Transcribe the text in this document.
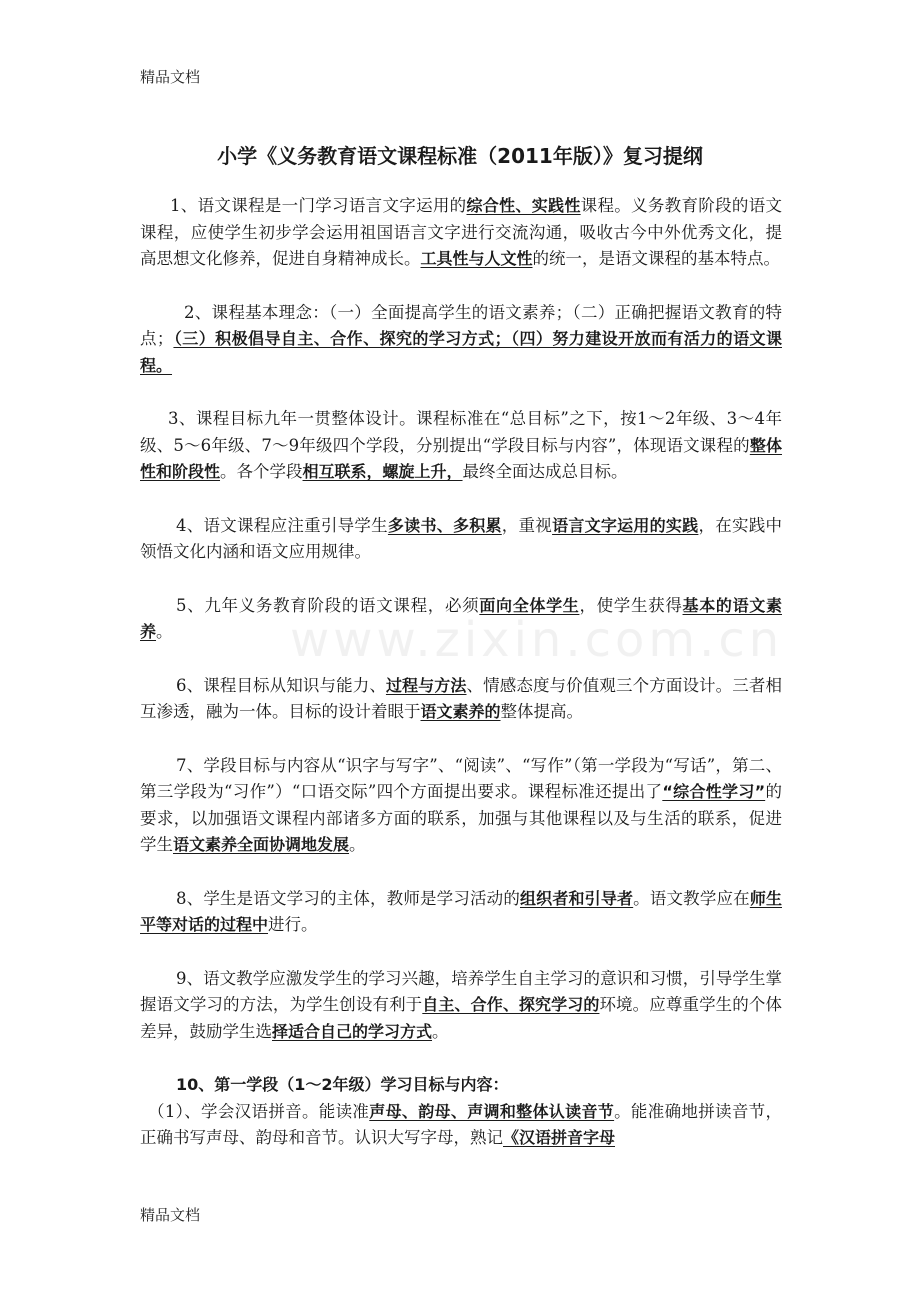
精品文档
www.zixin.com.cn
小学《义务教育语文课程标准（2011年版）》复习提纲

1、语文课程是一门学习语言文字运用的综合性、实践性课程。义务教育阶段的语文课程，应使学生初步学会运用祖国语言文字进行交流沟通，吸收古今中外优秀文化，提高思想文化修养，促进自身精神成长。工具性与人文性的统一，是语文课程的基本特点。

2、课程基本理念：（一）全面提高学生的语文素养；（二）正确把握语文教育的特点；（三）积极倡导自主、合作、探究的学习方式；（四）努力建设开放而有活力的语文课程。

3、课程目标九年一贯整体设计。课程标准在“总目标”之下，按1～2年级、3～4年级、5～6年级、7～9年级四个学段，分别提出“学段目标与内容”，体现语文课程的整体性和阶段性。各个学段相互联系，螺旋上升，最终全面达成总目标。

4、语文课程应注重引导学生多读书、多积累，重视语言文字运用的实践，在实践中领悟文化内涵和语文应用规律。

5、九年义务教育阶段的语文课程，必须面向全体学生，使学生获得基本的语文素养。

6、课程目标从知识与能力、过程与方法、情感态度与价值观三个方面设计。三者相互渗透，融为一体。目标的设计着眼于语文素养的整体提高。

7、学段目标与内容从“识字与写字”、“阅读”、“写作”（第一学段为“写话”，第二、第三学段为“习作”）“口语交际”四个方面提出要求。课程标准还提出了“综合性学习”的要求，以加强语文课程内部诸多方面的联系，加强与其他课程以及与生活的联系，促进学生语文素养全面协调地发展。

8、学生是语文学习的主体，教师是学习活动的组织者和引导者。语文教学应在师生平等对话的过程中进行。

9、语文教学应激发学生的学习兴趣，培养学生自主学习的意识和习惯，引导学生掌握语文学习的方法，为学生创设有利于自主、合作、探究学习的环境。应尊重学生的个体差异，鼓励学生选择适合自己的学习方式。

10、第一学段（1～2年级）学习目标与内容：

（1）、学会汉语拼音。能读准声母、韵母、声调和整体认读音节。能准确地拼读音节，正确书写声母、韵母和音节。认识大写字母，熟记《汉语拼音字母

精品文档
